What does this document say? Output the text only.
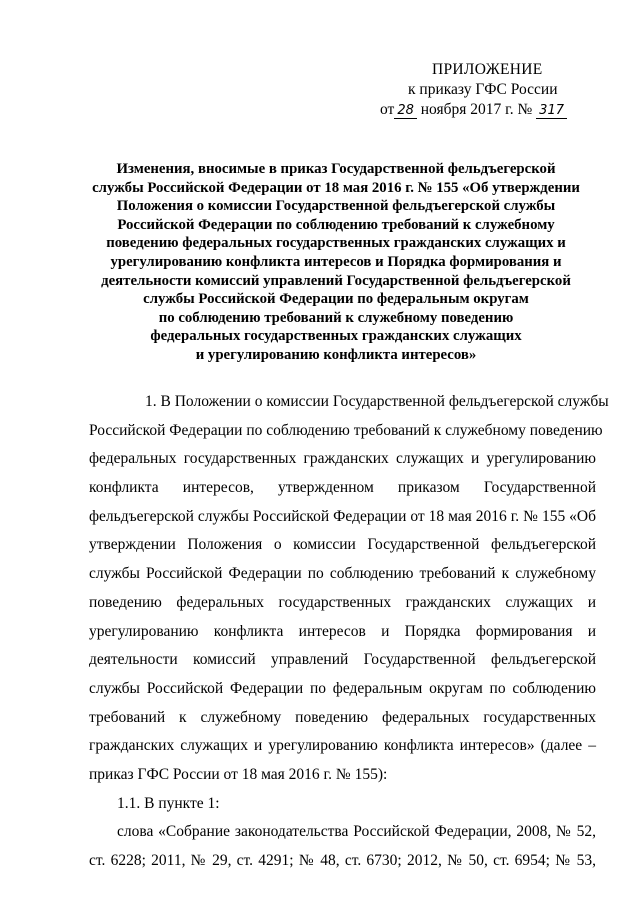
ПРИЛОЖЕНИЕ
к приказу ГФС России
от 28 ноября 2017 г. № 317
Изменения, вносимые в приказ Государственной фельдъегерской
службы Российской Федерации от 18 мая 2016 г. № 155 «Об утверждении
Положения о комиссии Государственной фельдъегерской службы
Российской Федерации по соблюдению требований к служебному
поведению федеральных государственных гражданских служащих и
урегулированию конфликта интересов и Порядка формирования и
деятельности комиссий управлений Государственной фельдъегерской
службы Российской Федерации по федеральным округам
по соблюдению требований к служебному поведению
федеральных государственных гражданских служащих
и урегулированию конфликта интересов»
1. В Положении о комиссии Государственной фельдъегерской службы
Российской Федерации по соблюдению требований к служебному поведению
федеральных государственных гражданских служащих и урегулированию
конфликта интересов, утвержденном приказом Государственной
фельдъегерской службы Российской Федерации от 18 мая 2016 г. № 155 «Об
утверждении Положения о комиссии Государственной фельдъегерской
службы Российской Федерации по соблюдению требований к служебному
поведению федеральных государственных гражданских служащих и
урегулированию конфликта интересов и Порядка формирования и
деятельности комиссий управлений Государственной фельдъегерской
службы Российской Федерации по федеральным округам по соблюдению
требований к служебному поведению федеральных государственных
гражданских служащих и урегулированию конфликта интересов» (далее –
приказ ГФС России от 18 мая 2016 г. № 155):
1.1. В пункте 1:
слова «Собрание законодательства Российской Федерации, 2008, № 52,
ст. 6228; 2011, № 29, ст. 4291; № 48, ст. 6730; 2012, № 50, ст. 6954; № 53,
